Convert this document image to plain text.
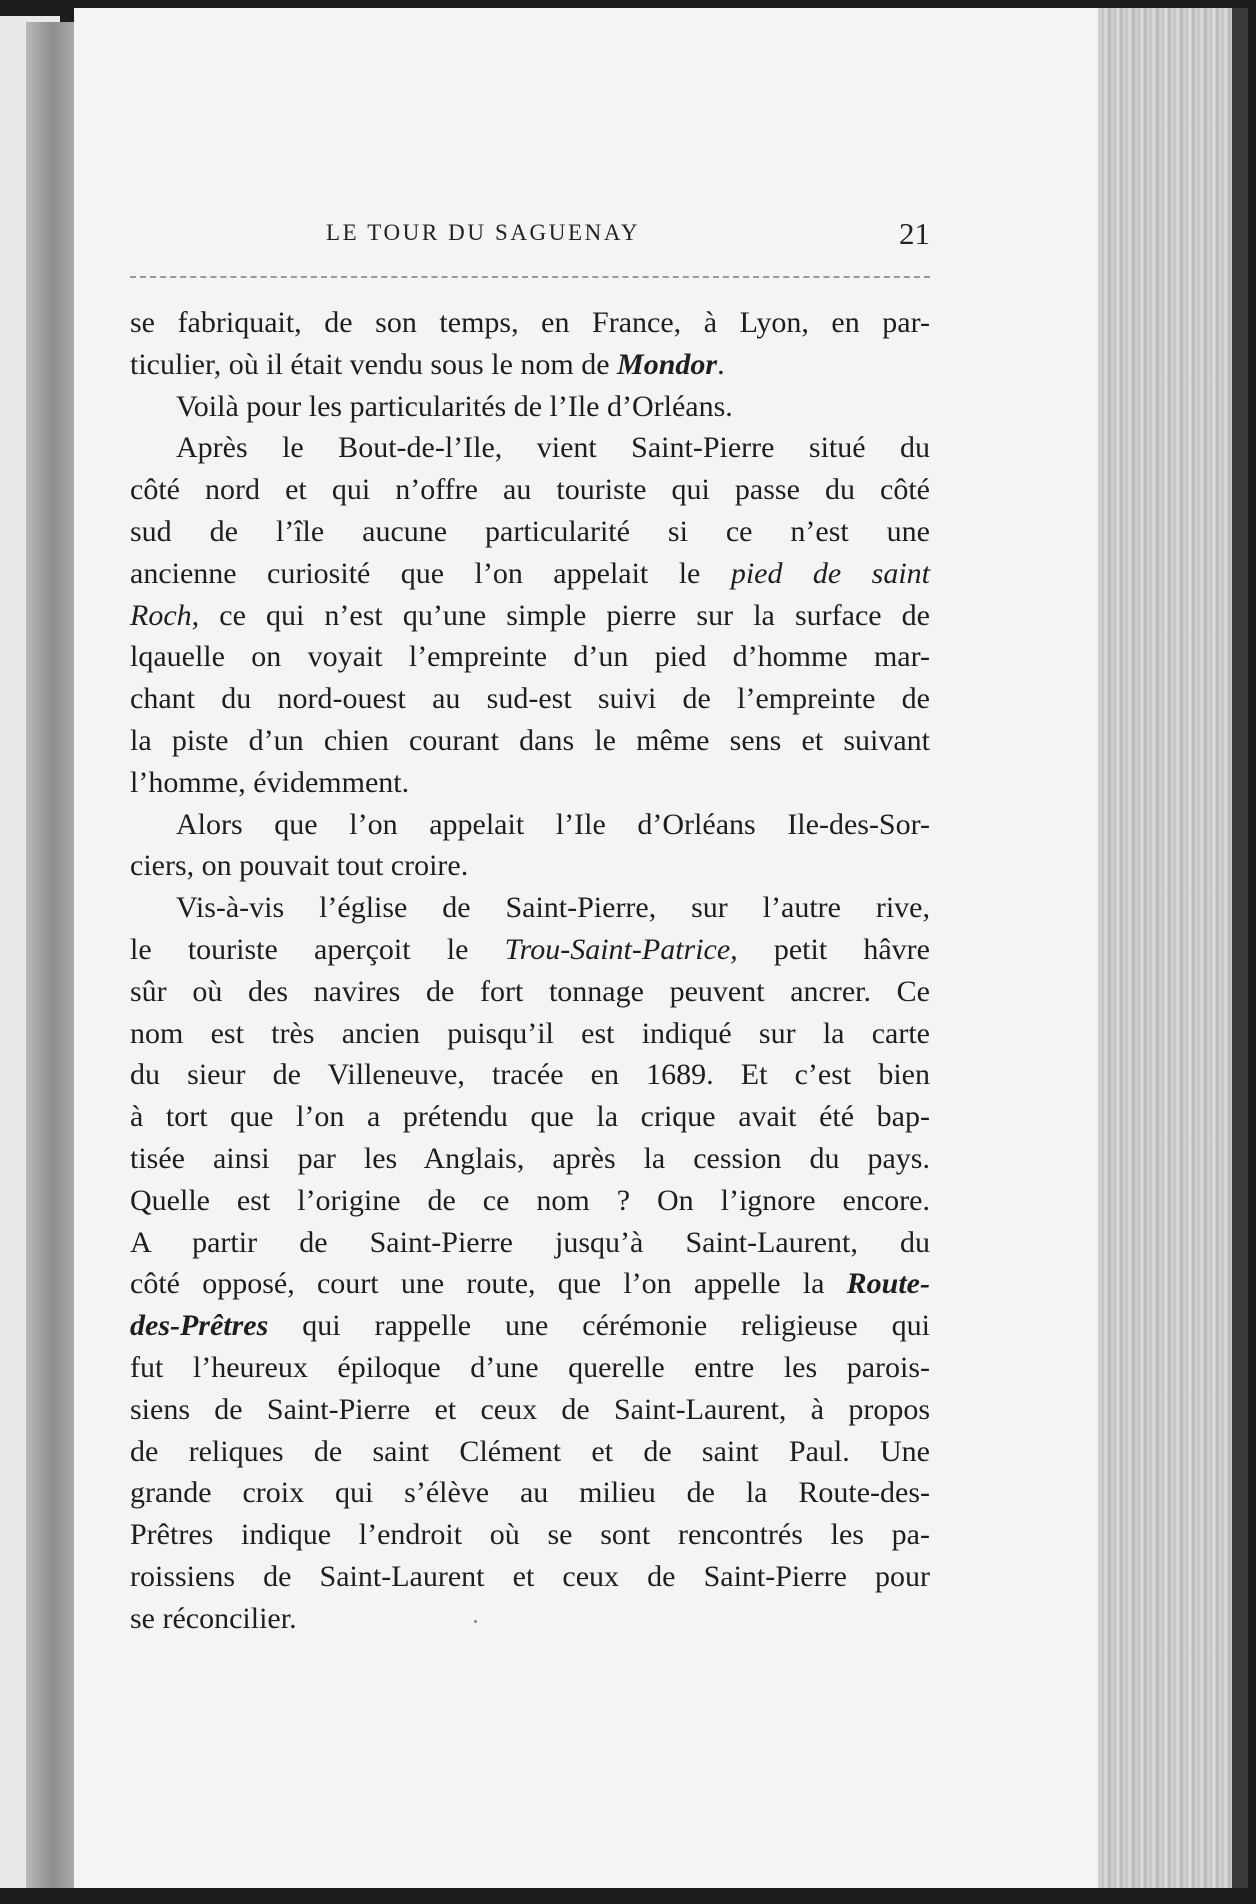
LE TOUR DU SAGUENAY	21

se fabriquait, de son temps, en France, à Lyon, en par-
ticulier, où il était vendu sous le nom de Mondor.

Voilà pour les particularités de l’Ile d’Orléans.

Après le Bout-de-l’Ile, vient Saint-Pierre situé du
côté nord et qui n’offre au touriste qui passe du côté
sud de l’île aucune particularité si ce n’est une
ancienne curiosité que l’on appelait le pied de saint
Roch, ce qui n’est qu’une simple pierre sur la surface de
lqauelle on voyait l’empreinte d’un pied d’homme mar-
chant du nord-ouest au sud-est suivi de l’empreinte de
la piste d’un chien courant dans le même sens et suivant
l’homme, évidemment.

Alors que l’on appelait l’Ile d’Orléans Ile-des-Sor-
ciers, on pouvait tout croire.

Vis-à-vis l’église de Saint-Pierre, sur l’autre rive,
le touriste aperçoit le Trou-Saint-Patrice, petit hâvre
sûr où des navires de fort tonnage peuvent ancrer. Ce
nom est très ancien puisqu’il est indiqué sur la carte
du sieur de Villeneuve, tracée en 1689. Et c’est bien
à tort que l’on a prétendu que la crique avait été bap-
tisée ainsi par les Anglais, après la cession du pays.
Quelle est l’origine de ce nom ? On l’ignore encore.
A partir de Saint-Pierre jusqu’à Saint-Laurent, du
côté opposé, court une route, que l’on appelle la Route-
des-Prêtres qui rappelle une cérémonie religieuse qui
fut l’heureux épiloque d’une querelle entre les parois-
siens de Saint-Pierre et ceux de Saint-Laurent, à propos
de reliques de saint Clément et de saint Paul. Une
grande croix qui s’élève au milieu de la Route-des-
Prêtres indique l’endroit où se sont rencontrés les pa-
roissiens de Saint-Laurent et ceux de Saint-Pierre pour
se réconcilier.
